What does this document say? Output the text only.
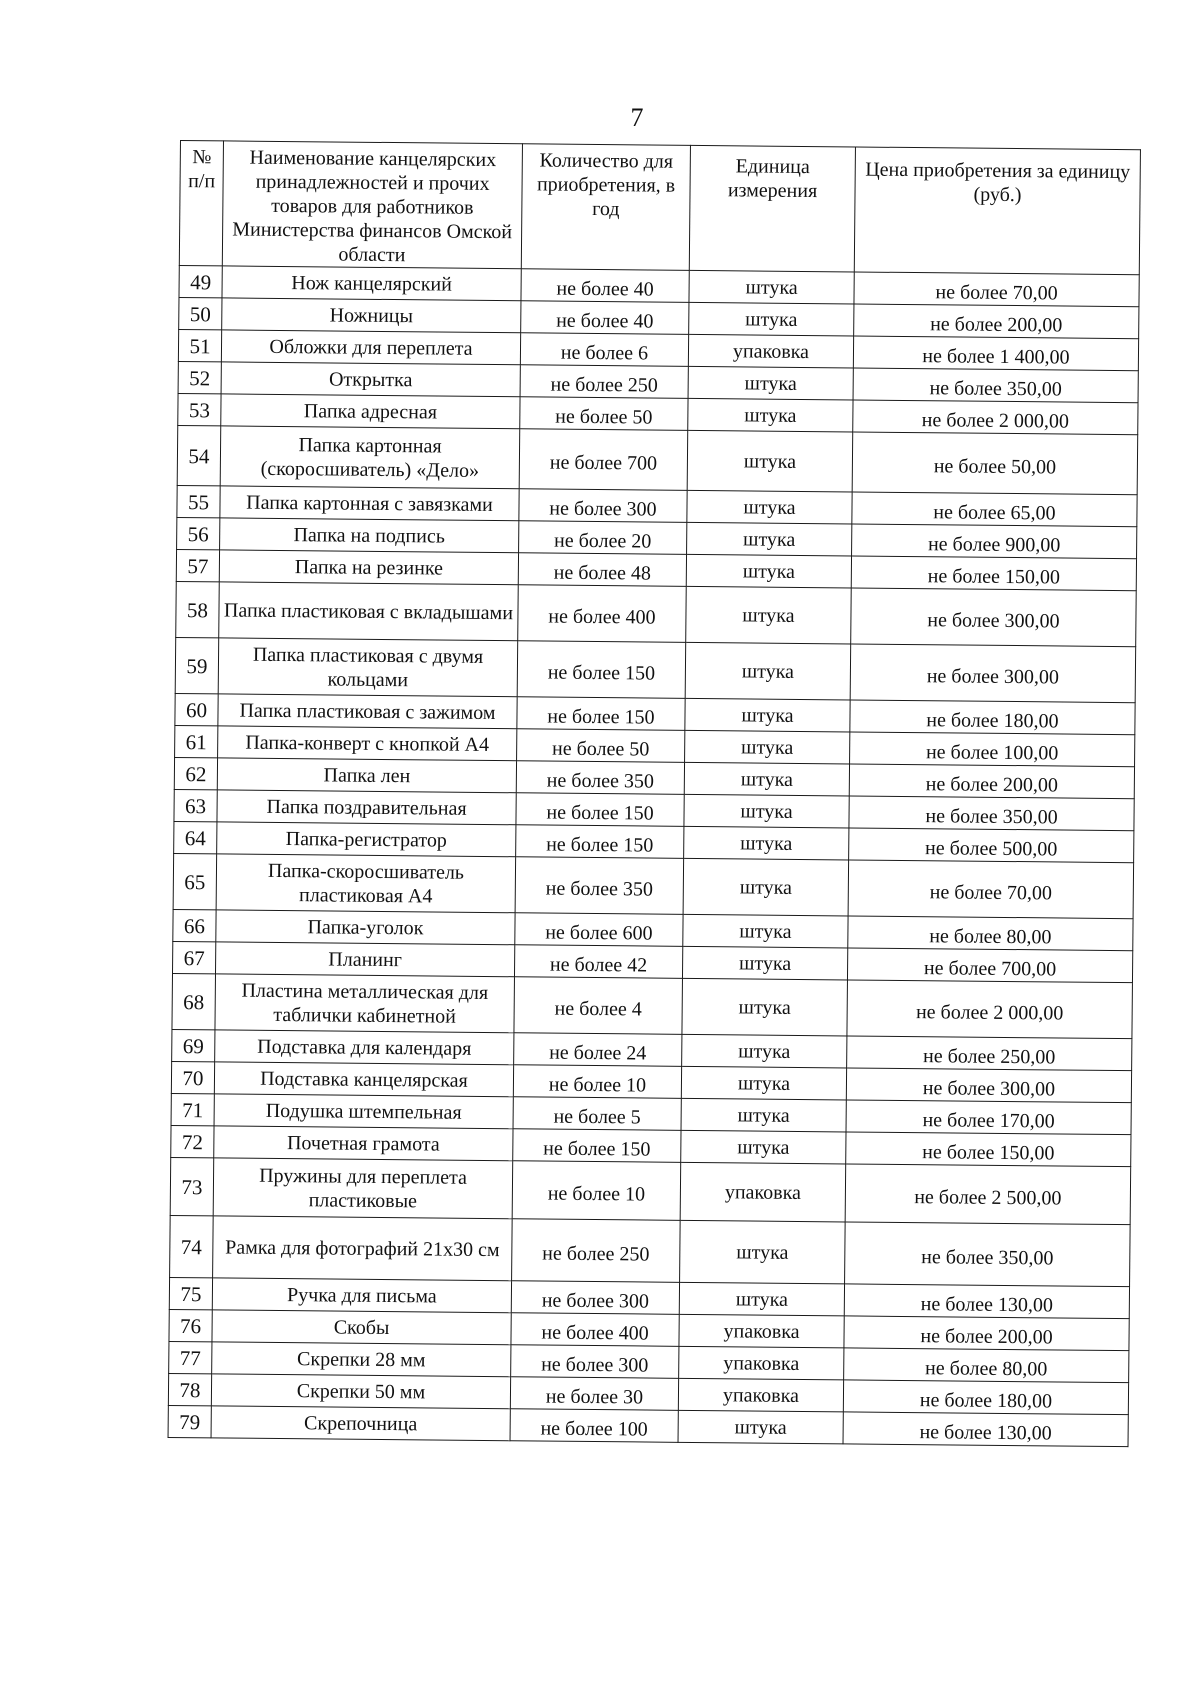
7
№ п/п	Наименование канцелярских принадлежностей и прочих товаров для работников Министерства финансов Омской области	Количество для приобретения, в год	Единица измерения	Цена приобретения за единицу (руб.)
49	Нож канцелярский	не более 40	штука	не более 70,00
50	Ножницы	не более 40	штука	не более 200,00
51	Обложки для переплета	не более 6	упаковка	не более 1 400,00
52	Открытка	не более 250	штука	не более 350,00
53	Папка адресная	не более 50	штука	не более 2 000,00
54	Папка картонная (скоросшиватель) «Дело»	не более 700	штука	не более 50,00
55	Папка картонная с завязками	не более 300	штука	не более 65,00
56	Папка на подпись	не более 20	штука	не более 900,00
57	Папка на резинке	не более 48	штука	не более 150,00
58	Папка пластиковая с вкладышами	не более 400	штука	не более 300,00
59	Папка пластиковая с двумя кольцами	не более 150	штука	не более 300,00
60	Папка пластиковая с зажимом	не более 150	штука	не более 180,00
61	Папка-конверт с кнопкой А4	не более 50	штука	не более 100,00
62	Папка лен	не более 350	штука	не более 200,00
63	Папка поздравительная	не более 150	штука	не более 350,00
64	Папка-регистратор	не более 150	штука	не более 500,00
65	Папка-скоросшиватель пластиковая А4	не более 350	штука	не более 70,00
66	Папка-уголок	не более 600	штука	не более 80,00
67	Планинг	не более 42	штука	не более 700,00
68	Пластина металлическая для таблички кабинетной	не более 4	штука	не более 2 000,00
69	Подставка для календаря	не более 24	штука	не более 250,00
70	Подставка канцелярская	не более 10	штука	не более 300,00
71	Подушка штемпельная	не более 5	штука	не более 170,00
72	Почетная грамота	не более 150	штука	не более 150,00
73	Пружины для переплета пластиковые	не более 10	упаковка	не более 2 500,00
74	Рамка для фотографий 21х30 см	не более 250	штука	не более 350,00
75	Ручка для письма	не более 300	штука	не более 130,00
76	Скобы	не более 400	упаковка	не более 200,00
77	Скрепки 28 мм	не более 300	упаковка	не более 80,00
78	Скрепки 50 мм	не более 30	упаковка	не более 180,00
79	Скрепочница	не более 100	штука	не более 130,00
